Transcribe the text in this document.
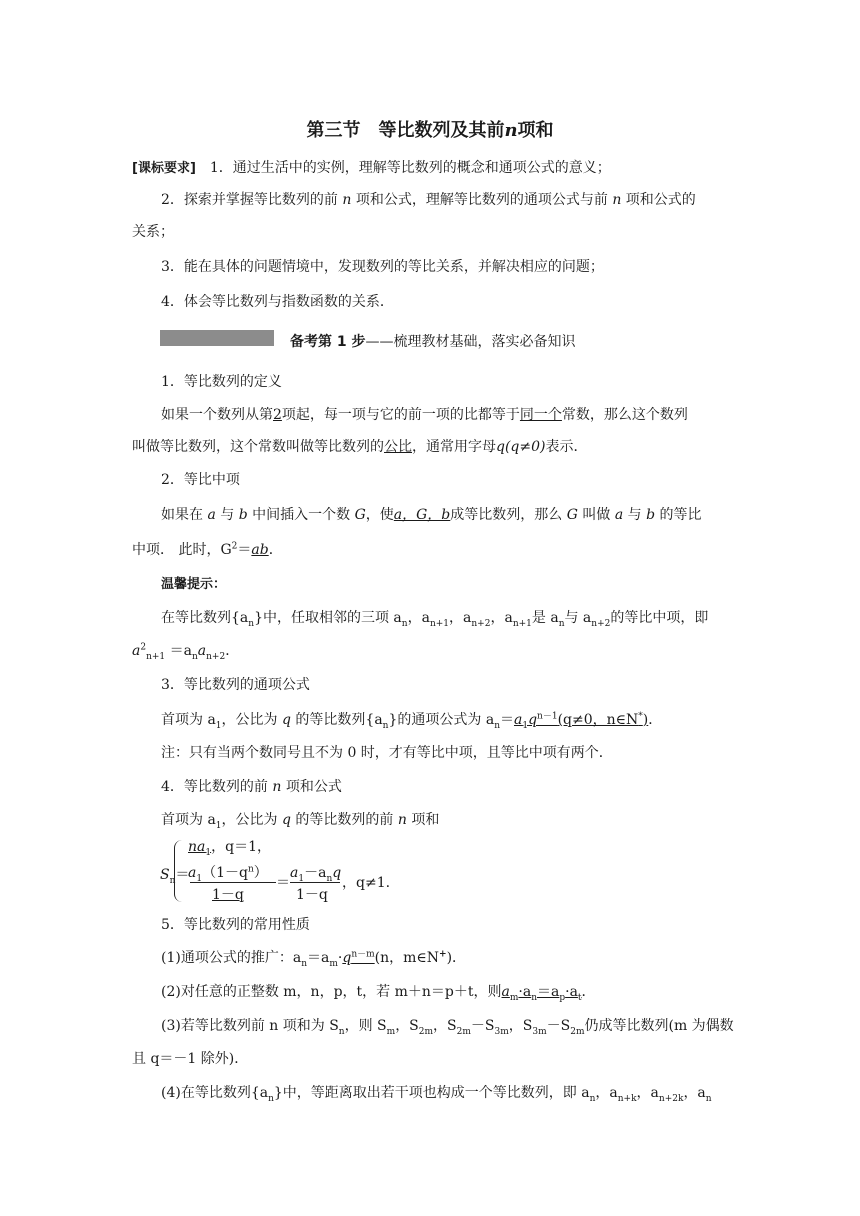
第三节　等比数列及其前n项和
[课标要求]　1．通过生活中的实例，理解等比数列的概念和通项公式的意义；
2．探索并掌握等比数列的前 n 项和公式，理解等比数列的通项公式与前 n 项和公式的
关系；
3．能在具体的问题情境中，发现数列的等比关系，并解决相应的问题；
4．体会等比数列与指数函数的关系．
备考第 1 步——梳理教材基础，落实必备知识
1．等比数列的定义
如果一个数列从第2项起，每一项与它的前一项的比都等于同一个常数，那么这个数列
叫做等比数列，这个常数叫做等比数列的公比，通常用字母q(q≠0)表示．
2．等比中项
如果在 a 与 b 中间插入一个数 G，使a，G，b成等比数列，那么 G 叫做 a 与 b 的等比
中项． 此时，$G^2=ab$．
温馨提示：
在等比数列$\{a_n\}$中，任取相邻的三项 $a_n$，$a_{n+1}$，$a_{n+2}$，$a_{n+1}$是 $a_n$与 $a_{n+2}$的等比中项，即
$a^2_{n+1} =a_na_{n+2}$．
3．等比数列的通项公式
首项为 $a_1$，公比为 q 的等比数列$\{a_n\}$的通项公式为 $a_n=a_1q^{n-1}(q\ne 0$，n∈N*)．
注：只有当两个数同号且不为 0 时，才有等比中项，且等比中项有两个．
4．等比数列的前 n 项和公式
首项为 $a_1$，公比为 q 的等比数列的前 n 项和
$S_n=$
$na_1$，q＝1，
$a_1(1-q^n)$
1－q
＝
$a_1-a_nq$
1－q
，q≠1.
5．等比数列的常用性质
(1)通项公式的推广：$a_n=a_m\cdot q^{n-m}(n$，m∈N+)．
(2)对任意的正整数 m，n，p，t，若 m＋n＝p＋t，则$a_m\cdot a_n=a_p\cdot a_t$．
(3)若等比数列前 n 项和为 $S_n$，则 $S_m$，$S_{2m}$，$S_{2m}-S_{3m}$，$S_{3m}-S_{2m}$仍成等比数列(m 为偶数
且 q＝－1 除外)．
(4)在等比数列$\{a_n\}$中，等距离取出若干项也构成一个等比数列，即 $a_n$，$a_{n+k}$，$a_{n+2k}$，$a_n$
